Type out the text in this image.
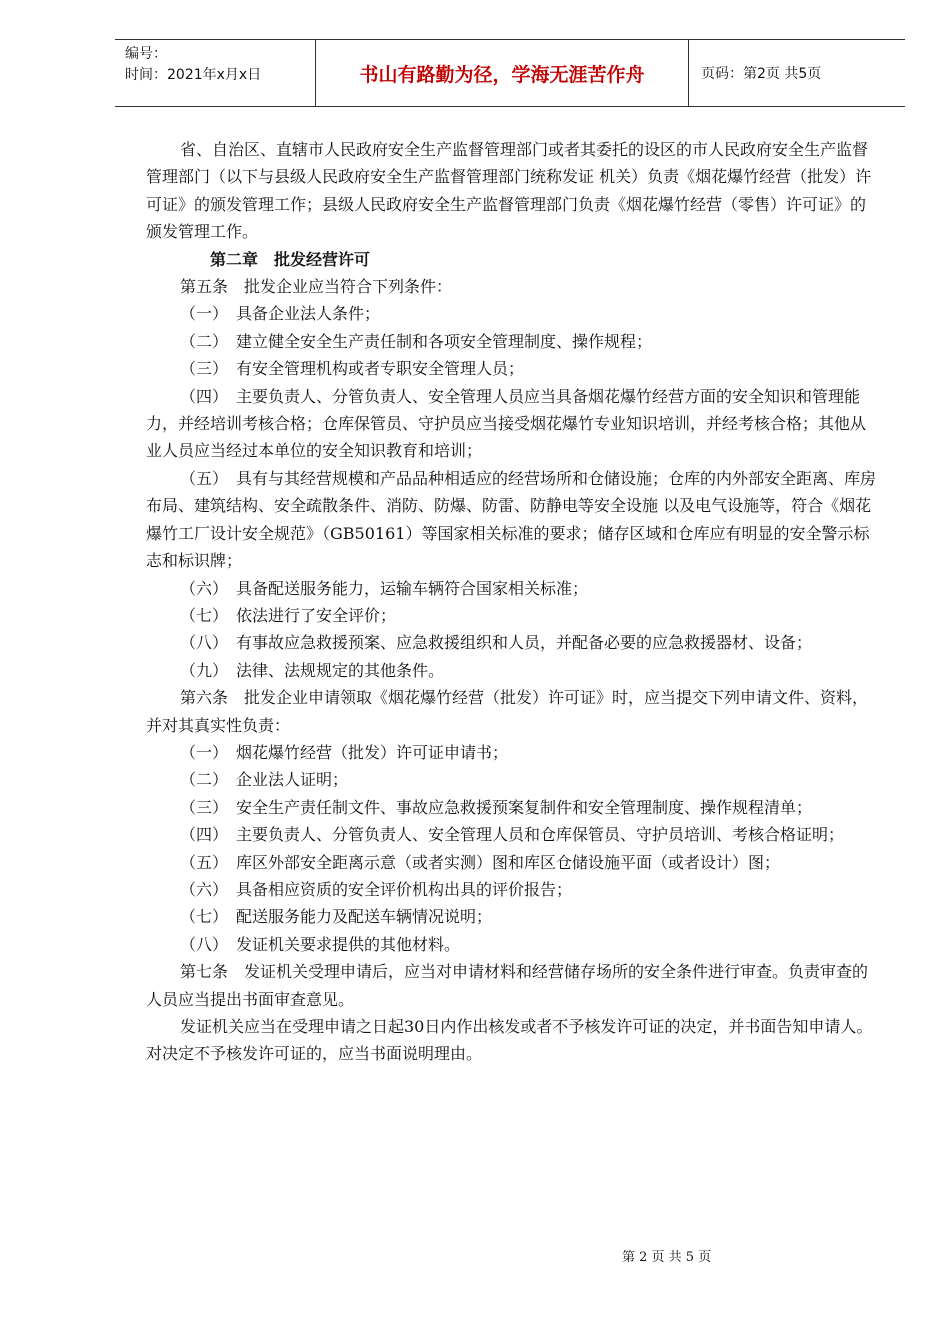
编号：
时间：2021年x月x日	书山有路勤为径，学海无涯苦作舟	页码：第2页 共5页

省、自治区、直辖市人民政府安全生产监督管理部门或者其委托的设区的市人民政府安全生产监督管理部门（以下与县级人民政府安全生产监督管理部门统称发证 机关）负责《烟花爆竹经营（批发）许可证》的颁发管理工作；县级人民政府安全生产监督管理部门负责《烟花爆竹经营（零售）许可证》的颁发管理工作。

第二章　批发经营许可

第五条　批发企业应当符合下列条件：

（一）　具备企业法人条件；

（二）　建立健全安全生产责任制和各项安全管理制度、操作规程；

（三）　有安全管理机构或者专职安全管理人员；

（四）　主要负责人、分管负责人、安全管理人员应当具备烟花爆竹经营方面的安全知识和管理能力，并经培训考核合格；仓库保管员、守护员应当接受烟花爆竹专业知识培训，并经考核合格；其他从业人员应当经过本单位的安全知识教育和培训；

（五）　具有与其经营规模和产品品种相适应的经营场所和仓储设施；仓库的内外部安全距离、库房布局、建筑结构、安全疏散条件、消防、防爆、防雷、防静电等安全设施 以及电气设施等，符合《烟花爆竹工厂设计安全规范》（GB50161）等国家相关标准的要求；储存区域和仓库应有明显的安全警示标志和标识牌；

（六）　具备配送服务能力，运输车辆符合国家相关标准；

（七）　依法进行了安全评价；

（八）　有事故应急救援预案、应急救援组织和人员，并配备必要的应急救援器材、设备；

（九）　法律、法规规定的其他条件。

第六条　批发企业申请领取《烟花爆竹经营（批发）许可证》时，应当提交下列申请文件、资料，并对其真实性负责：

（一）　烟花爆竹经营（批发）许可证申请书；

（二）　企业法人证明；

（三）　安全生产责任制文件、事故应急救援预案复制件和安全管理制度、操作规程清单；

（四）　主要负责人、分管负责人、安全管理人员和仓库保管员、守护员培训、考核合格证明；

（五）　库区外部安全距离示意（或者实测）图和库区仓储设施平面（或者设计）图；

（六）　具备相应资质的安全评价机构出具的评价报告；

（七）　配送服务能力及配送车辆情况说明；

（八）　发证机关要求提供的其他材料。

第七条　发证机关受理申请后，应当对申请材料和经营储存场所的安全条件进行审查。负责审查的人员应当提出书面审查意见。

发证机关应当在受理申请之日起30日内作出核发或者不予核发许可证的决定，并书面告知申请人。对决定不予核发许可证的，应当书面说明理由。

第 2 页 共 5 页
